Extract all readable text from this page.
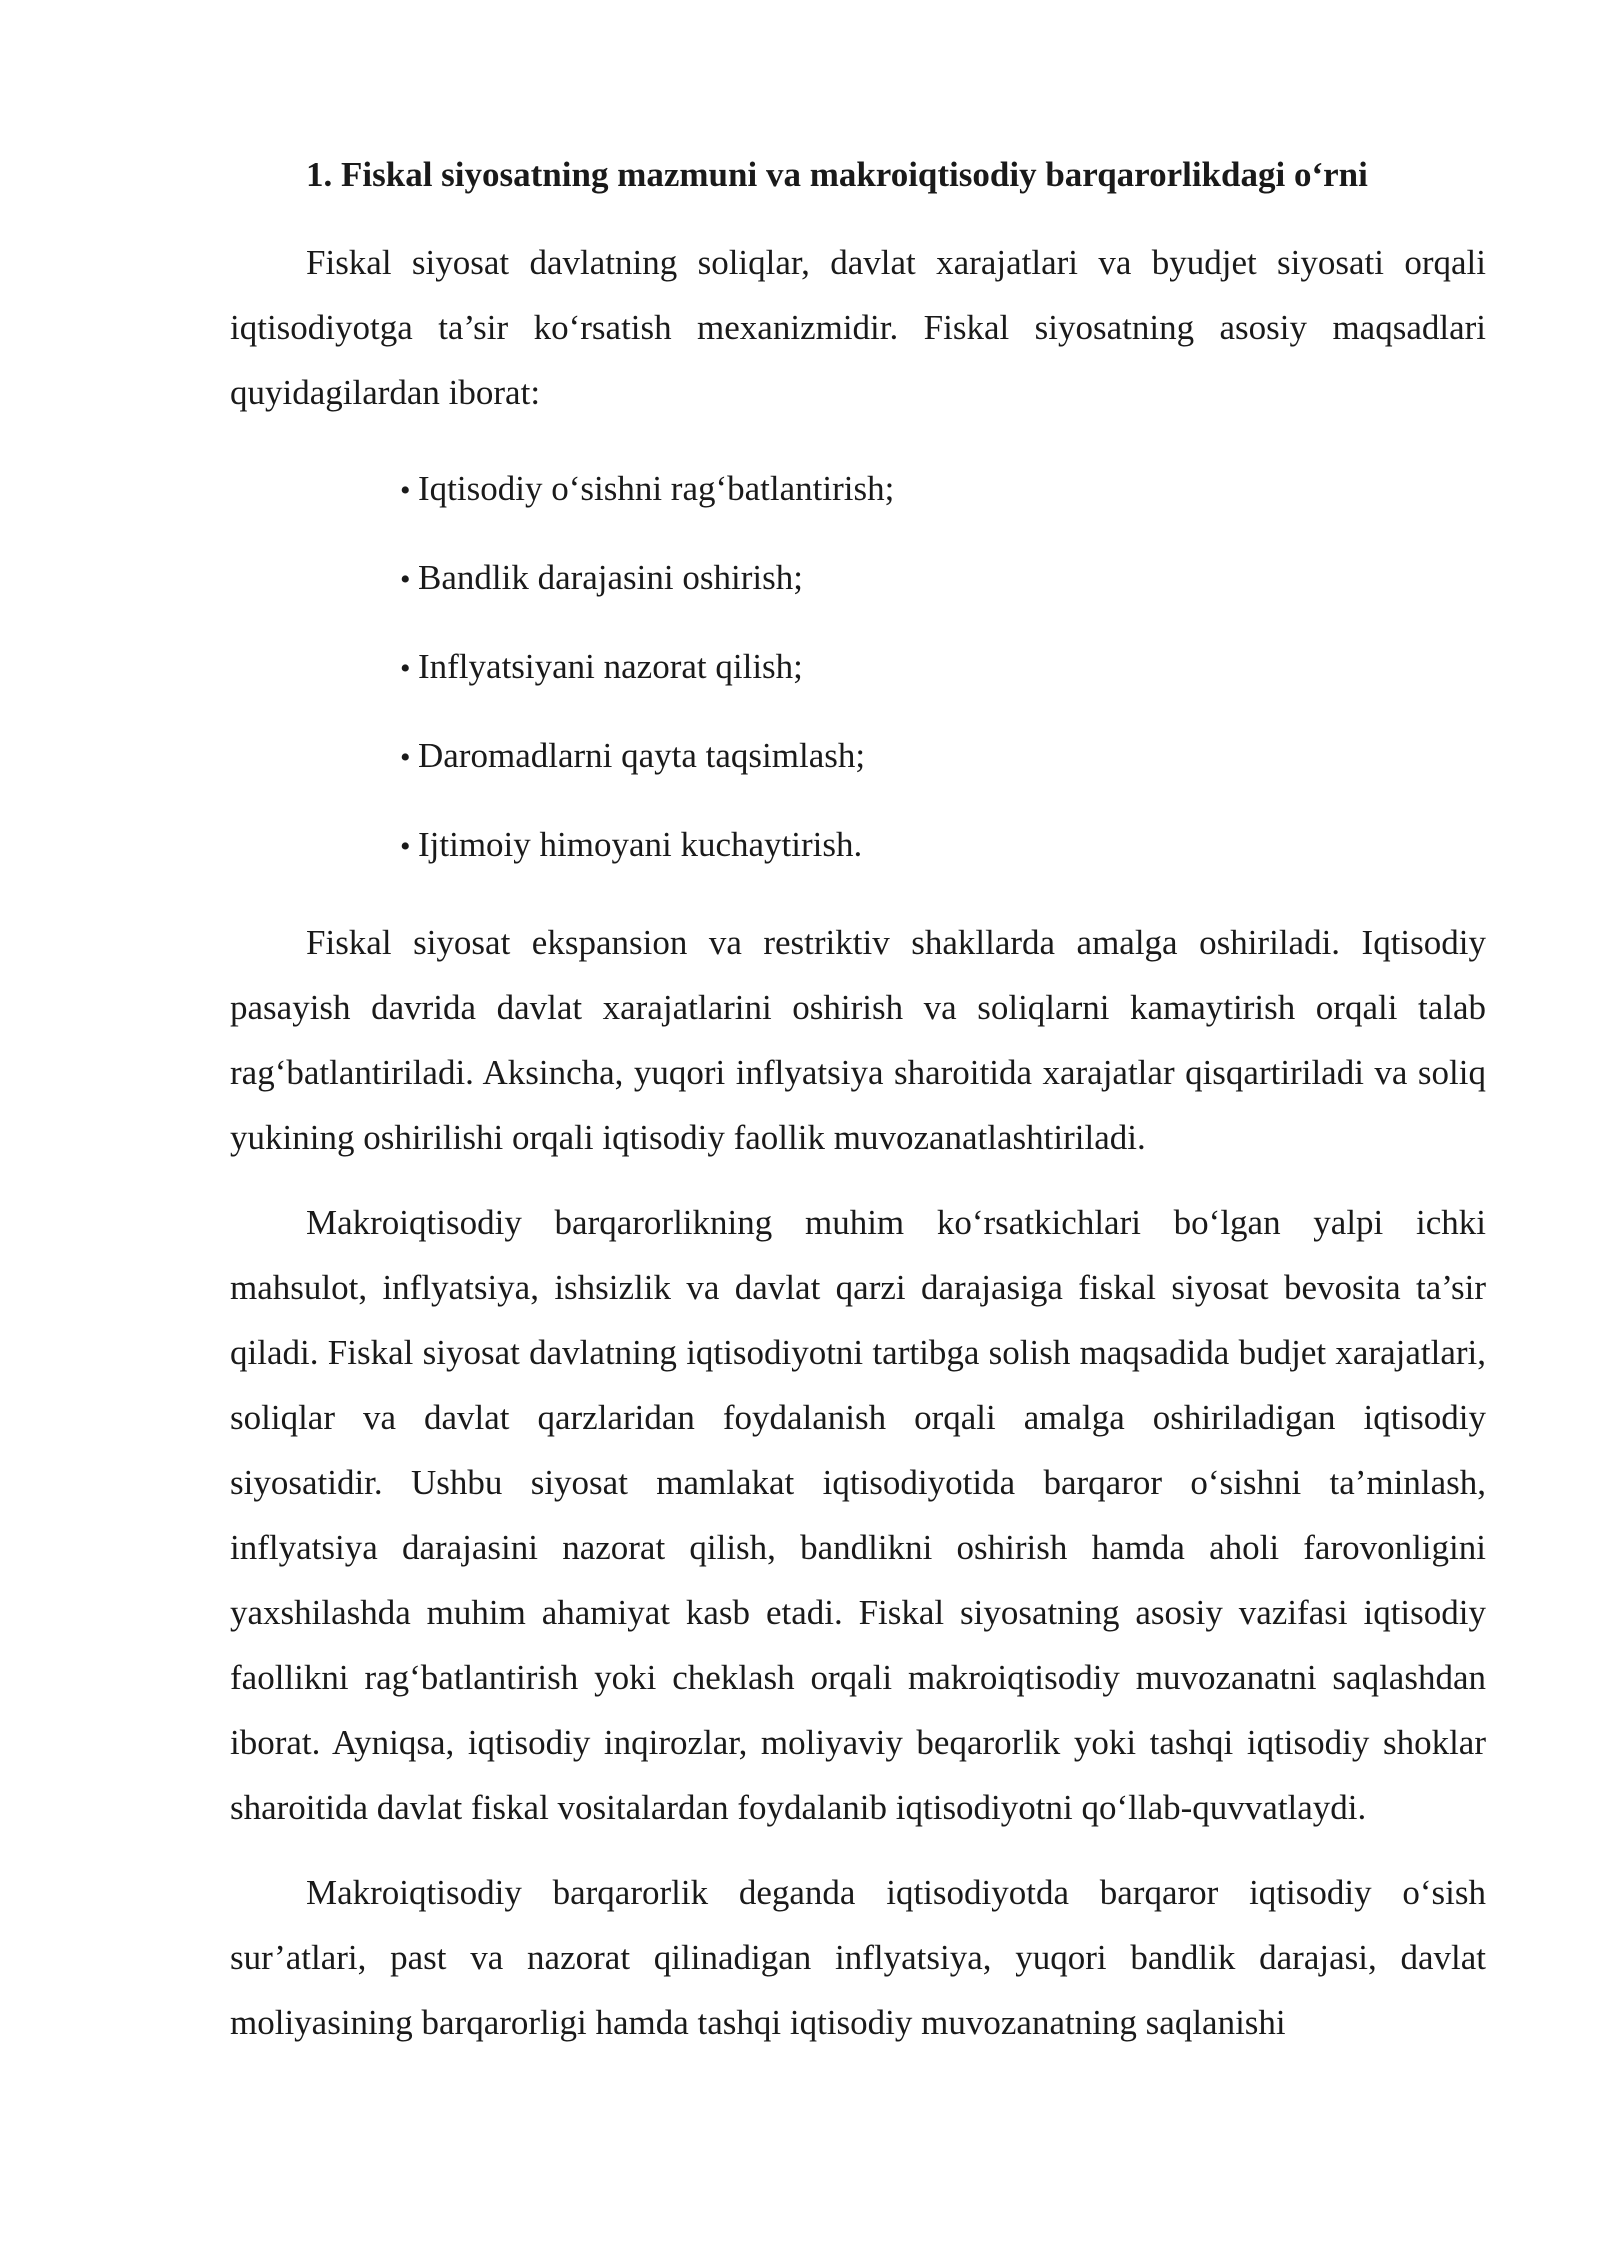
1. Fiskal siyosatning mazmuni va makroiqtisodiy barqarorlikdagi o‘rni

Fiskal siyosat davlatning soliqlar, davlat xarajatlari va byudjet siyosati orqali iqtisodiyotga ta’sir ko‘rsatish mexanizmidir. Fiskal siyosatning asosiy maqsadlari quyidagilardan iborat:

• Iqtisodiy o‘sishni rag‘batlantirish;
• Bandlik darajasini oshirish;
• Inflyatsiyani nazorat qilish;
• Daromadlarni qayta taqsimlash;
• Ijtimoiy himoyani kuchaytirish.

Fiskal siyosat ekspansion va restriktiv shakllarda amalga oshiriladi. Iqtisodiy pasayish davrida davlat xarajatlarini oshirish va soliqlarni kamaytirish orqali talab rag‘batlantiriladi. Aksincha, yuqori inflyatsiya sharoitida xarajatlar qisqartiriladi va soliq yukining oshirilishi orqali iqtisodiy faollik muvozanatlashtiriladi.

Makroiqtisodiy barqarorlikning muhim ko‘rsatkichlari bo‘lgan yalpi ichki mahsulot, inflyatsiya, ishsizlik va davlat qarzi darajasiga fiskal siyosat bevosita ta’sir qiladi. Fiskal siyosat davlatning iqtisodiyotni tartibga solish maqsadida budjet xarajatlari, soliqlar va davlat qarzlaridan foydalanish orqali amalga oshiriladigan iqtisodiy siyosatidir. Ushbu siyosat mamlakat iqtisodiyotida barqaror o‘sishni ta’minlash, inflyatsiya darajasini nazorat qilish, bandlikni oshirish hamda aholi farovonligini yaxshilashda muhim ahamiyat kasb etadi. Fiskal siyosatning asosiy vazifasi iqtisodiy faollikni rag‘batlantirish yoki cheklash orqali makroiqtisodiy muvozanatni saqlashdan iborat. Ayniqsa, iqtisodiy inqirozlar, moliyaviy beqarorlik yoki tashqi iqtisodiy shoklar sharoitida davlat fiskal vositalardan foydalanib iqtisodiyotni qo‘llab-quvvatlaydi.

Makroiqtisodiy barqarorlik deganda iqtisodiyotda barqaror iqtisodiy o‘sish sur’atlari, past va nazorat qilinadigan inflyatsiya, yuqori bandlik darajasi, davlat moliyasining barqarorligi hamda tashqi iqtisodiy muvozanatning saqlanishi
